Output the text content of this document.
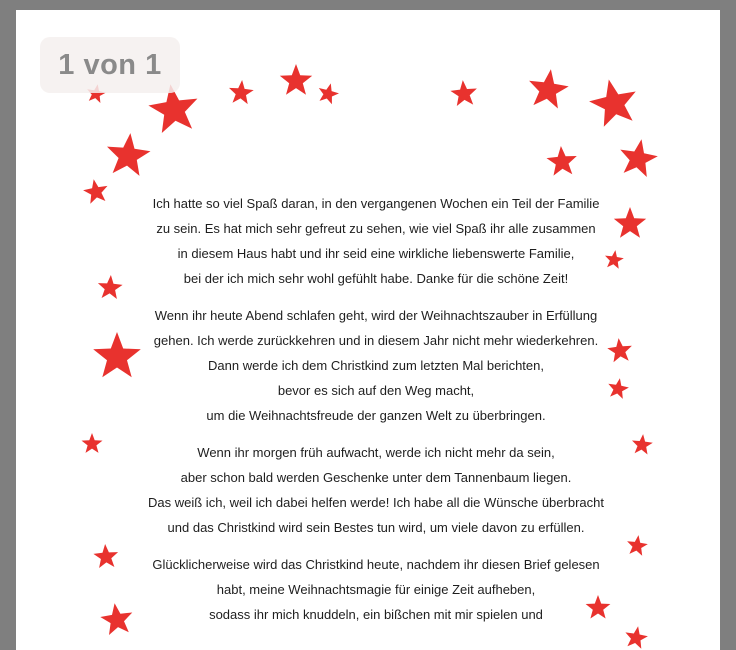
1 von 1
Ich hatte so viel Spaß daran, in den vergangenen Wochen ein Teil der Familie
zu sein. Es hat mich sehr gefreut zu sehen, wie viel Spaß ihr alle zusammen
in diesem Haus habt und ihr seid eine wirkliche liebenswerte Familie,
bei der ich mich sehr wohl gefühlt habe. Danke für die schöne Zeit!
Wenn ihr heute Abend schlafen geht, wird der Weihnachtszauber in Erfüllung
gehen. Ich werde zurückkehren und in diesem Jahr nicht mehr wiederkehren.
Dann werde ich dem Christkind zum letzten Mal berichten,
bevor es sich auf den Weg macht,
um die Weihnachtsfreude der ganzen Welt zu überbringen.
Wenn ihr morgen früh aufwacht, werde ich nicht mehr da sein,
aber schon bald werden Geschenke unter dem Tannenbaum liegen.
Das weiß ich, weil ich dabei helfen werde! Ich habe all die Wünsche überbracht
und das Christkind wird sein Bestes tun wird, um viele davon zu erfüllen.
Glücklicherweise wird das Christkind heute, nachdem ihr diesen Brief gelesen
habt, meine Weihnachtsmagie für einige Zeit aufheben,
sodass ihr mich knuddeln, ein bißchen mit mir spielen und
